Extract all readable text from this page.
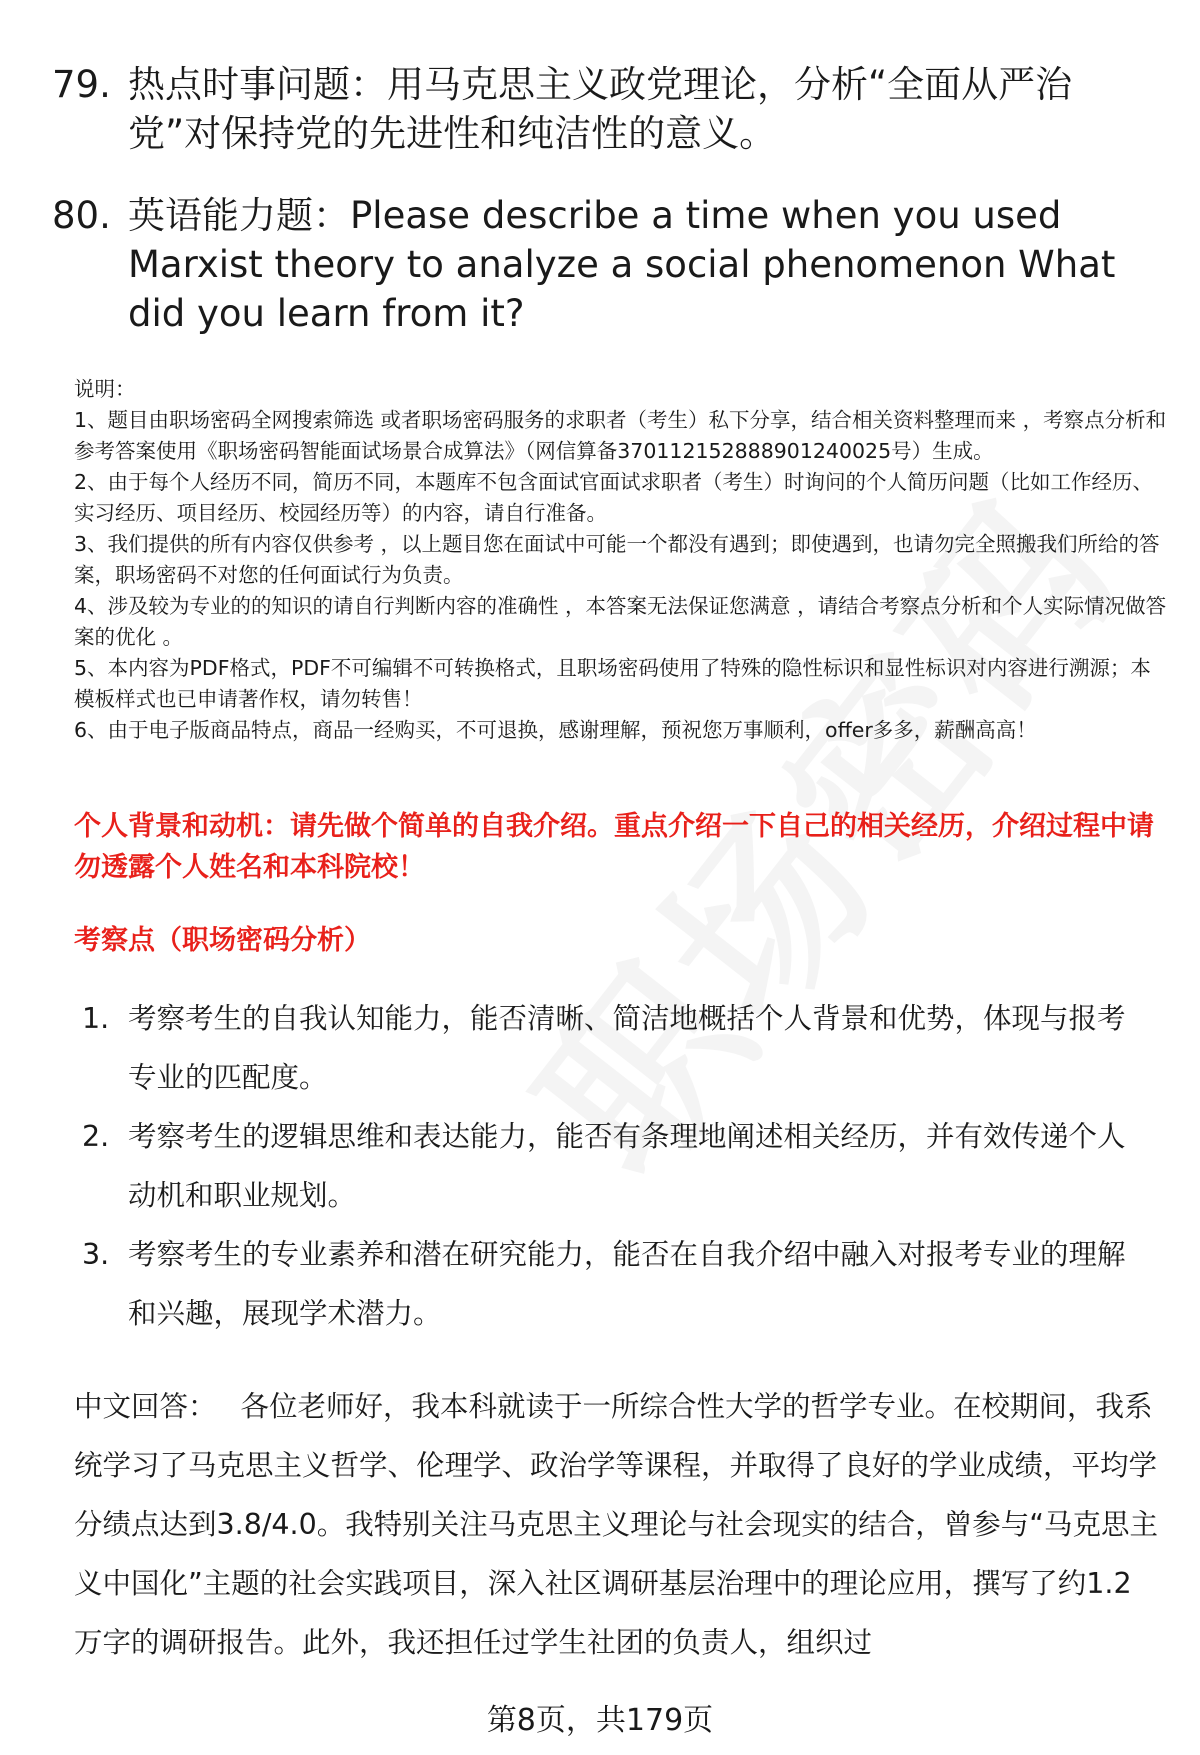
79. 热点时事问题：用马克思主义政党理论，分析“全面从严治党”对保持党的先进性和纯洁性的意义。
80. 英语能力题：Please describe a time when you used Marxist theory to analyze a social phenomenon What did you learn from it?
说明：
1、题目由职场密码全网搜索筛选 或者职场密码服务的求职者（考生）私下分享，结合相关资料整理而来 ，考察点分析和参考答案使用《职场密码智能面试场景合成算法》（网信算备370112152888901240025号）生成。
2、由于每个人经历不同，简历不同，本题库不包含面试官面试求职者（考生）时询问的个人简历问题（比如工作经历、实习经历、项目经历、校园经历等）的内容，请自行准备。
3、我们提供的所有内容仅供参考 ，以上题目您在面试中可能一个都没有遇到；即使遇到，也请勿完全照搬我们所给的答案，职场密码不对您的任何面试行为负责。
4、涉及较为专业的的知识的请自行判断内容的准确性 ，本答案无法保证您满意 ，请结合考察点分析和个人实际情况做答案的优化 。
5、本内容为PDF格式，PDF不可编辑不可转换格式，且职场密码使用了特殊的隐性标识和显性标识对内容进行溯源；本模板样式也已申请著作权，请勿转售！
6、由于电子版商品特点，商品一经购买，不可退换，感谢理解，预祝您万事顺利，offer多多，薪酬高高！
个人背景和动机：请先做个简单的自我介绍。重点介绍一下自己的相关经历，介绍过程中请勿透露个人姓名和本科院校！
考察点（职场密码分析）
1. 考察考生的自我认知能力，能否清晰、简洁地概括个人背景和优势，体现与报考专业的匹配度。
2. 考察考生的逻辑思维和表达能力，能否有条理地阐述相关经历，并有效传递个人动机和职业规划。
3. 考察考生的专业素养和潜在研究能力，能否在自我介绍中融入对报考专业的理解和兴趣，展现学术潜力。
中文回答： 各位老师好，我本科就读于一所综合性大学的哲学专业。在校期间，我系统学习了马克思主义哲学、伦理学、政治学等课程，并取得了良好的学业成绩，平均学分绩点达到3.8/4.0。我特别关注马克思主义理论与社会现实的结合，曾参与“马克思主义中国化”主题的社会实践项目，深入社区调研基层治理中的理论应用，撰写了约1.2万字的调研报告。此外，我还担任过学生社团的负责人，组织过
第8页，共179页
